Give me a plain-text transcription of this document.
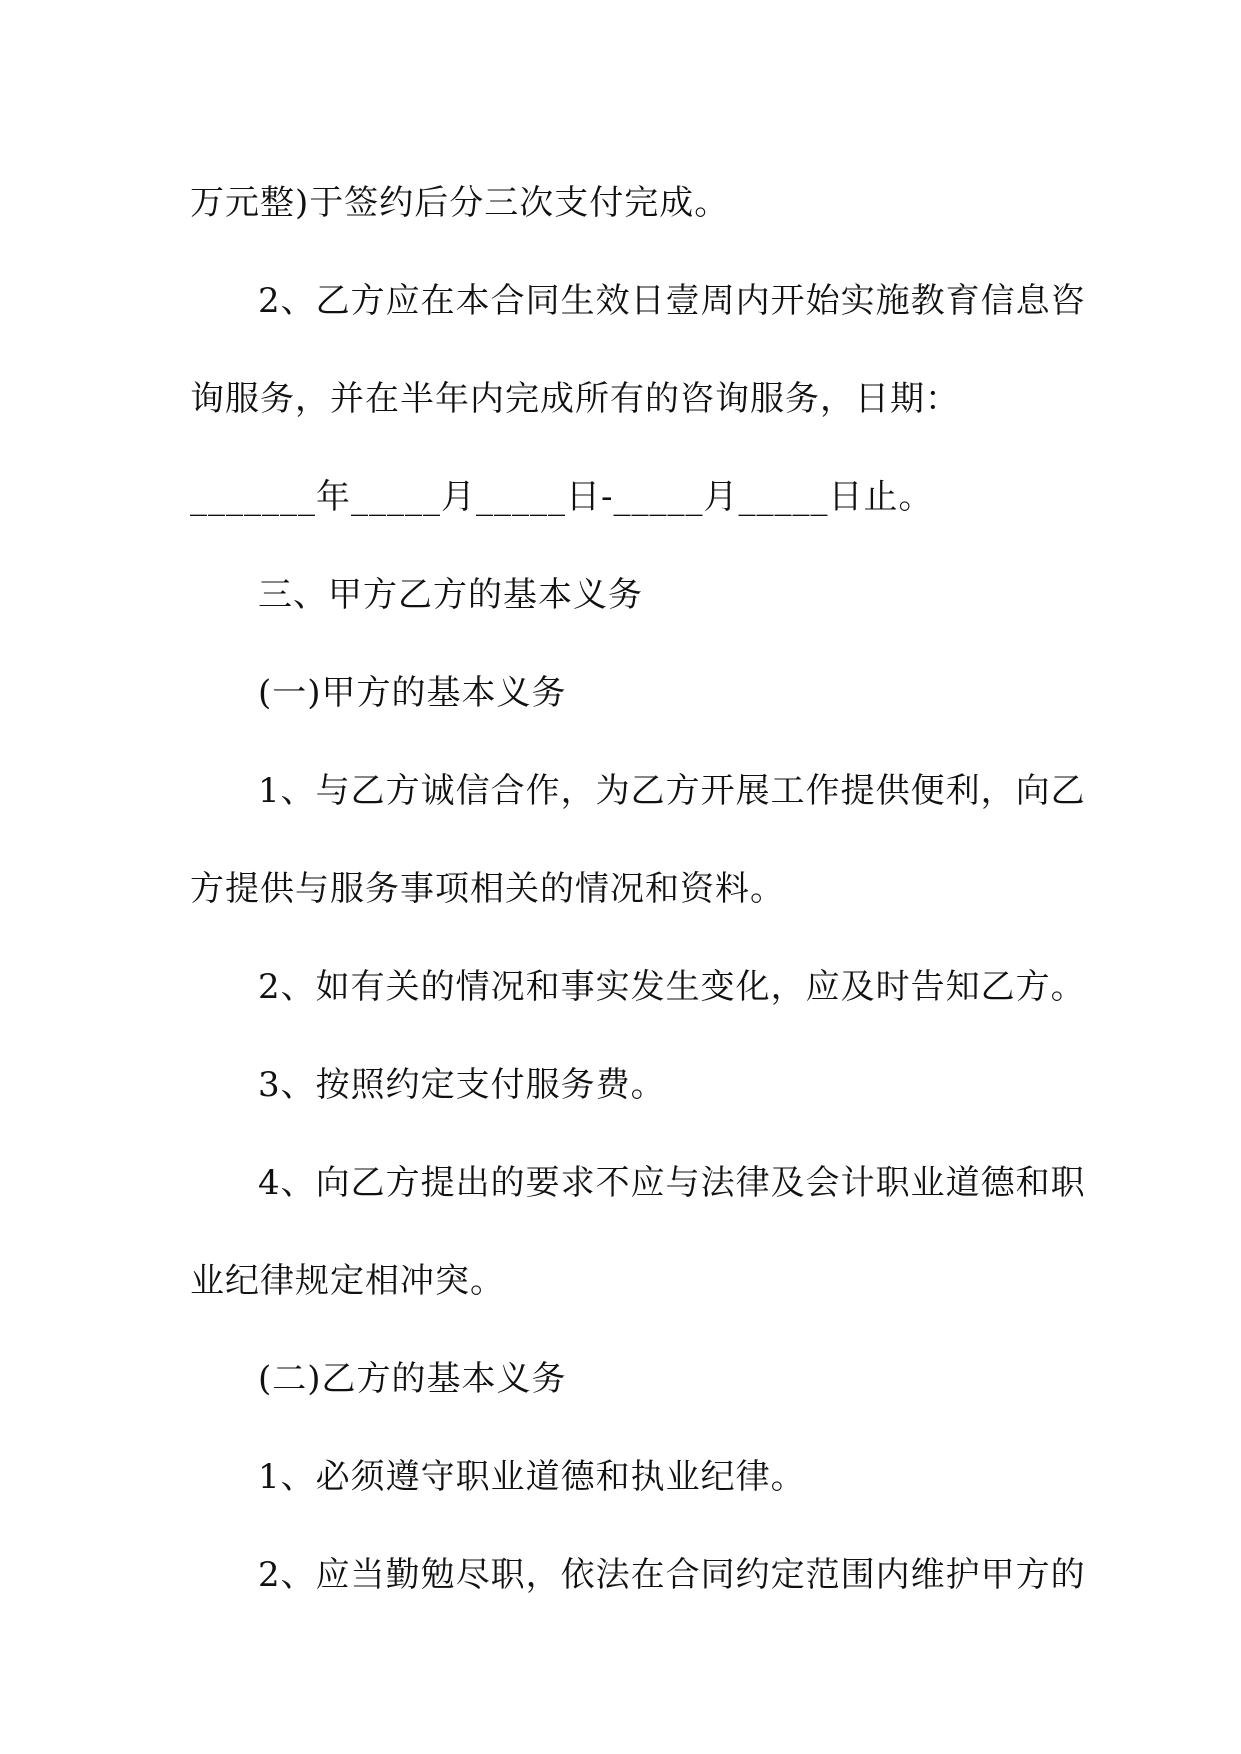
万元整)于签约后分三次支付完成。
2、乙方应在本合同生效日壹周内开始实施教育信息咨
询服务，并在半年内完成所有的咨询服务，日期：
_______年_____月_____日-_____月_____日止。
三、甲方乙方的基本义务
(一)甲方的基本义务
1、与乙方诚信合作，为乙方开展工作提供便利，向乙
方提供与服务事项相关的情况和资料。
2、如有关的情况和事实发生变化，应及时告知乙方。
3、按照约定支付服务费。
4、向乙方提出的要求不应与法律及会计职业道德和职
业纪律规定相冲突。
(二)乙方的基本义务
1、必须遵守职业道德和执业纪律。
2、应当勤勉尽职，依法在合同约定范围内维护甲方的
